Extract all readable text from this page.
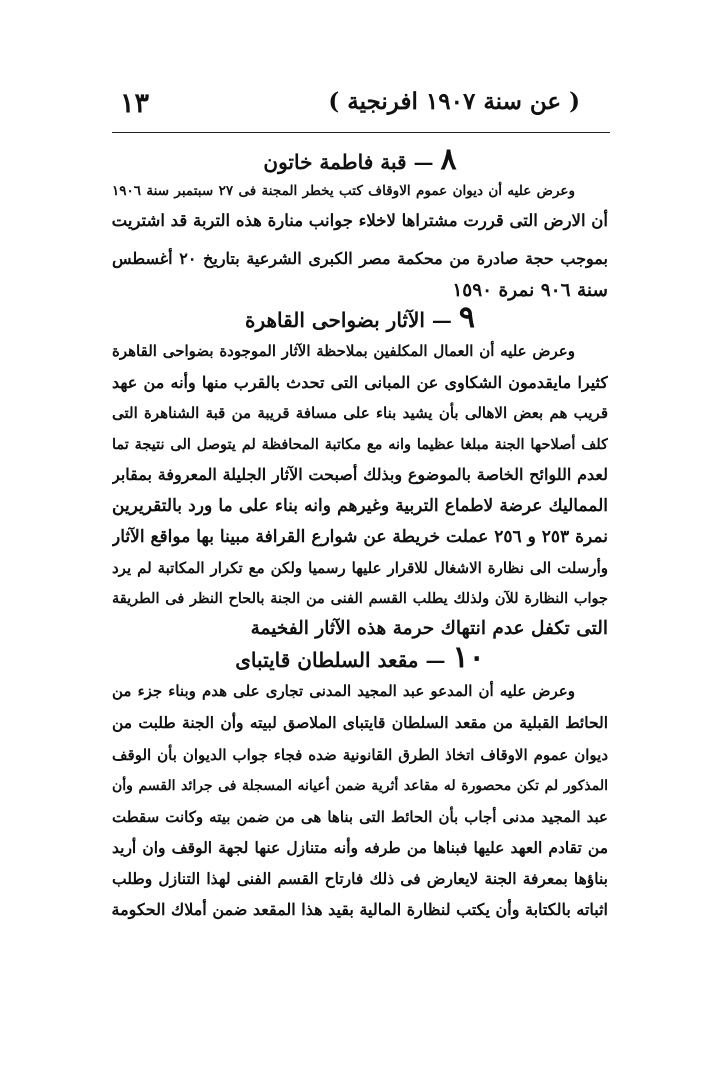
١٣	( عن سنة ١٩٠٧ افرنجية )
٨ — قبة فاطمة خاتون
وعرض عليه أن ديوان عموم الاوقاف كتب يخطر المجنة فى ٢٧ سبتمبر سنة ١٩٠٦
أن الارض التى قررت مشتراها لاخلاء جوانب منارة هذه التربة قد اشتريت
بموجب حجة صادرة من محكمة مصر الكبرى الشرعية بتاريخ ٢٠ أغسطس
سنة ٩٠٦ نمرة ١٥٩٠
٩ — الآثار بضواحى القاهرة
وعرض عليه أن العمال المكلفين بملاحظة الآثار الموجودة بضواحى القاهرة
كثيرا مايقدمون الشكاوى عن المبانى التى تحدث بالقرب منها وأنه من عهد
قريب هم بعض الاهالى بأن يشيد بناء على مسافة قريبة من قبة الشناهرة التى
كلف أصلاحها الجنة مبلغا عظيما وانه مع مكاتبة المحافظة لم يتوصل الى نتيجة تما
لعدم اللوائح الخاصة بالموضوع وبذلك أصبحت الآثار الجليلة المعروفة بمقابر
المماليك عرضة لاطماع التربية وغيرهم وانه بناء على ما ورد بالتقريرين
نمرة ٢٥٣ و ٢٥٦ عملت خريطة عن شوارع القرافة مبينا بها مواقع الآثار
وأرسلت الى نظارة الاشغال للاقرار عليها رسميا ولكن مع تكرار المكاتبة لم يرد
جواب النظارة للآن ولذلك يطلب القسم الفنى من الجنة بالحاح النظر فى الطريقة
التى تكفل عدم انتهاك حرمة هذه الآثار الفخيمة
١٠ — مقعد السلطان قايتباى
وعرض عليه أن المدعو عبد المجيد المدنى تجارى على هدم وبناء جزء من
الحائط القبلية من مقعد السلطان قايتباى الملاصق لبيته وأن الجنة طلبت من
ديوان عموم الاوقاف اتخاذ الطرق القانونية ضده فجاء جواب الديوان بأن الوقف
المذكور لم تكن محصورة له مقاعد أثرية ضمن أعيانه المسجلة فى جرائد القسم وأن
عبد المجيد مدنى أجاب بأن الحائط التى بناها هى من ضمن بيته وكانت سقطت
من تقادم العهد عليها فبناها من طرفه وأنه متنازل عنها لجهة الوقف وان أريد
بناؤها بمعرفة الجنة لايعارض فى ذلك فارتاح القسم الفنى لهذا التنازل وطلب
اثباته بالكتابة وأن يكتب لنظارة المالية بقيد هذا المقعد ضمن أملاك الحكومة
